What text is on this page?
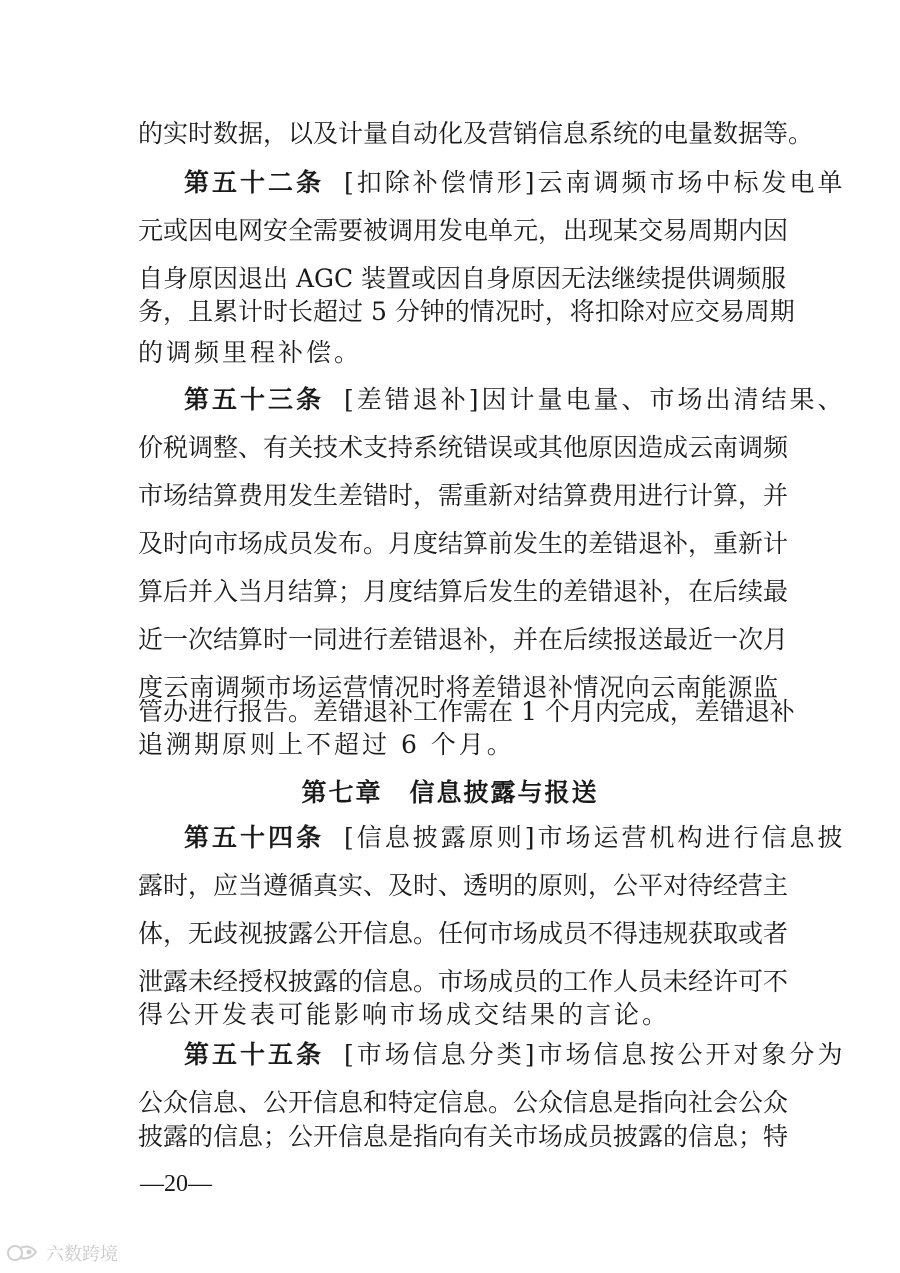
的实时数据，以及计量自动化及营销信息系统的电量数据等。
第五十二条 [扣除补偿情形]云南调频市场中标发电单
元或因电网安全需要被调用发电单元，出现某交易周期内因
自身原因退出 AGC 装置或因自身原因无法继续提供调频服
务，且累计时长超过 5 分钟的情况时，将扣除对应交易周期
的调频里程补偿。
第五十三条 [差错退补]因计量电量、市场出清结果、
价税调整、有关技术支持系统错误或其他原因造成云南调频
市场结算费用发生差错时，需重新对结算费用进行计算，并
及时向市场成员发布。月度结算前发生的差错退补，重新计
算后并入当月结算；月度结算后发生的差错退补，在后续最
近一次结算时一同进行差错退补，并在后续报送最近一次月
度云南调频市场运营情况时将差错退补情况向云南能源监
管办进行报告。差错退补工作需在 1 个月内完成，差错退补
追溯期原则上不超过 6 个月。
第七章　信息披露与报送
第五十四条 [信息披露原则]市场运营机构进行信息披
露时，应当遵循真实、及时、透明的原则，公平对待经营主
体，无歧视披露公开信息。任何市场成员不得违规获取或者
泄露未经授权披露的信息。市场成员的工作人员未经许可不
得公开发表可能影响市场成交结果的言论。
第五十五条 [市场信息分类]市场信息按公开对象分为
公众信息、公开信息和特定信息。公众信息是指向社会公众
披露的信息；公开信息是指向有关市场成员披露的信息；特
—20—
六数跨境
